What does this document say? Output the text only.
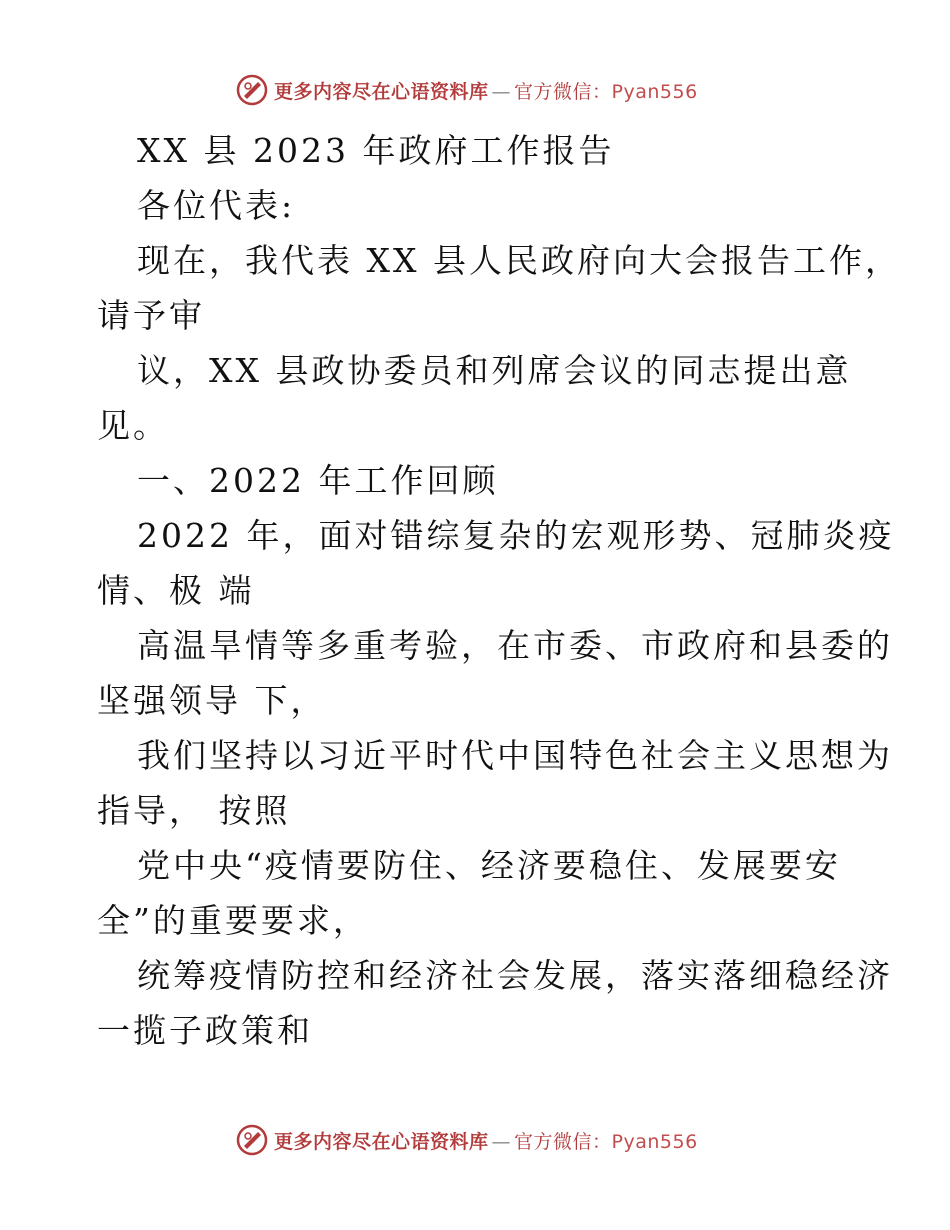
更多内容尽在心语资料库 — 官方微信：Pyan556
XX 县 2023 年政府工作报告
各位代表:
现在，我代表 XX 县人民政府向大会报告工作，
请予审
议，XX 县政协委员和列席会议的同志提出意
见。
一、2022 年工作回顾
2022 年，面对错综复杂的宏观形势、冠肺炎疫
情、极 端
高温旱情等多重考验，在市委、市政府和县委的
坚强领导 下，
我们坚持以习近平时代中国特色社会主义思想为
指导， 按照
党中央“疫情要防住、经济要稳住、发展要安
全”的重要要求，
统筹疫情防控和经济社会发展，落实落细稳经济
一揽子政策和
更多内容尽在心语资料库 — 官方微信：Pyan556
